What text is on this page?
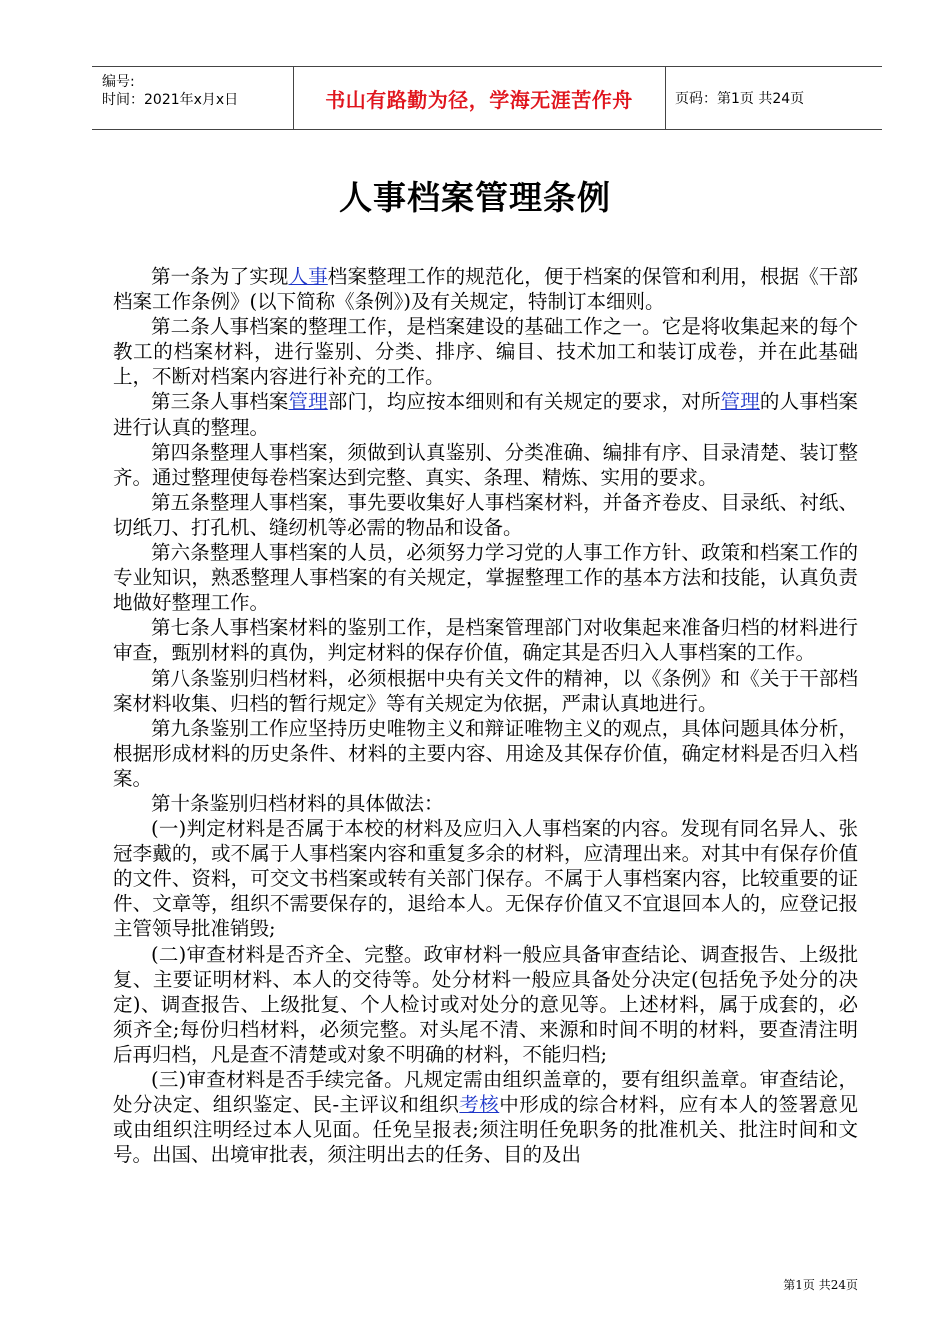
编号:
时间：2021年x月x日	书山有路勤为径，学海无涯苦作舟	页码：第1页 共24页
人事档案管理条例

第一条为了实现人事档案整理工作的规范化，便于档案的保管和利用，根据《干部档案工作条例》(以下简称《条例》)及有关规定，特制订本细则。

第二条人事档案的整理工作，是档案建设的基础工作之一。它是将收集起来的每个教工的档案材料，进行鉴别、分类、排序、编目、技术加工和装订成卷，并在此基础上，不断对档案内容进行补充的工作。

第三条人事档案管理部门，均应按本细则和有关规定的要求，对所管理的人事档案进行认真的整理。

第四条整理人事档案，须做到认真鉴别、分类准确、编排有序、目录清楚、装订整齐。通过整理使每卷档案达到完整、真实、条理、精炼、实用的要求。

第五条整理人事档案，事先要收集好人事档案材料，并备齐卷皮、目录纸、衬纸、切纸刀、打孔机、缝纫机等必需的物品和设备。

第六条整理人事档案的人员，必须努力学习党的人事工作方针、政策和档案工作的专业知识，熟悉整理人事档案的有关规定，掌握整理工作的基本方法和技能，认真负责地做好整理工作。

第七条人事档案材料的鉴别工作，是档案管理部门对收集起来准备归档的材料进行审查，甄别材料的真伪，判定材料的保存价值，确定其是否归入人事档案的工作。

第八条鉴别归档材料，必须根据中央有关文件的精神，以《条例》和《关于干部档案材料收集、归档的暂行规定》等有关规定为依据，严肃认真地进行。

第九条鉴别工作应坚持历史唯物主义和辩证唯物主义的观点，具体问题具体分析，根据形成材料的历史条件、材料的主要内容、用途及其保存价值，确定材料是否归入档案。

第十条鉴别归档材料的具体做法：

(一)判定材料是否属于本校的材料及应归入人事档案的内容。发现有同名异人、张冠李戴的，或不属于人事档案内容和重复多余的材料，应清理出来。对其中有保存价值的文件、资料，可交文书档案或转有关部门保存。不属于人事档案内容，比较重要的证件、文章等，组织不需要保存的，退给本人。无保存价值又不宜退回本人的，应登记报主管领导批准销毁;

(二)审查材料是否齐全、完整。政审材料一般应具备审查结论、调查报告、上级批复、主要证明材料、本人的交待等。处分材料一般应具备处分决定(包括免予处分的决定)、调查报告、上级批复、个人检讨或对处分的意见等。上述材料，属于成套的，必须齐全;每份归档材料，必须完整。对头尾不清、来源和时间不明的材料，要查清注明后再归档，凡是查不清楚或对象不明确的材料，不能归档;

(三)审查材料是否手续完备。凡规定需由组织盖章的，要有组织盖章。审查结论，处分决定、组织鉴定、民-主评议和组织考核中形成的综合材料，应有本人的签署意见或由组织注明经过本人见面。任免呈报表;须注明任免职务的批准机关、批注时间和文号。出国、出境审批表，须注明出去的任务、目的及出

第1页 共24页
